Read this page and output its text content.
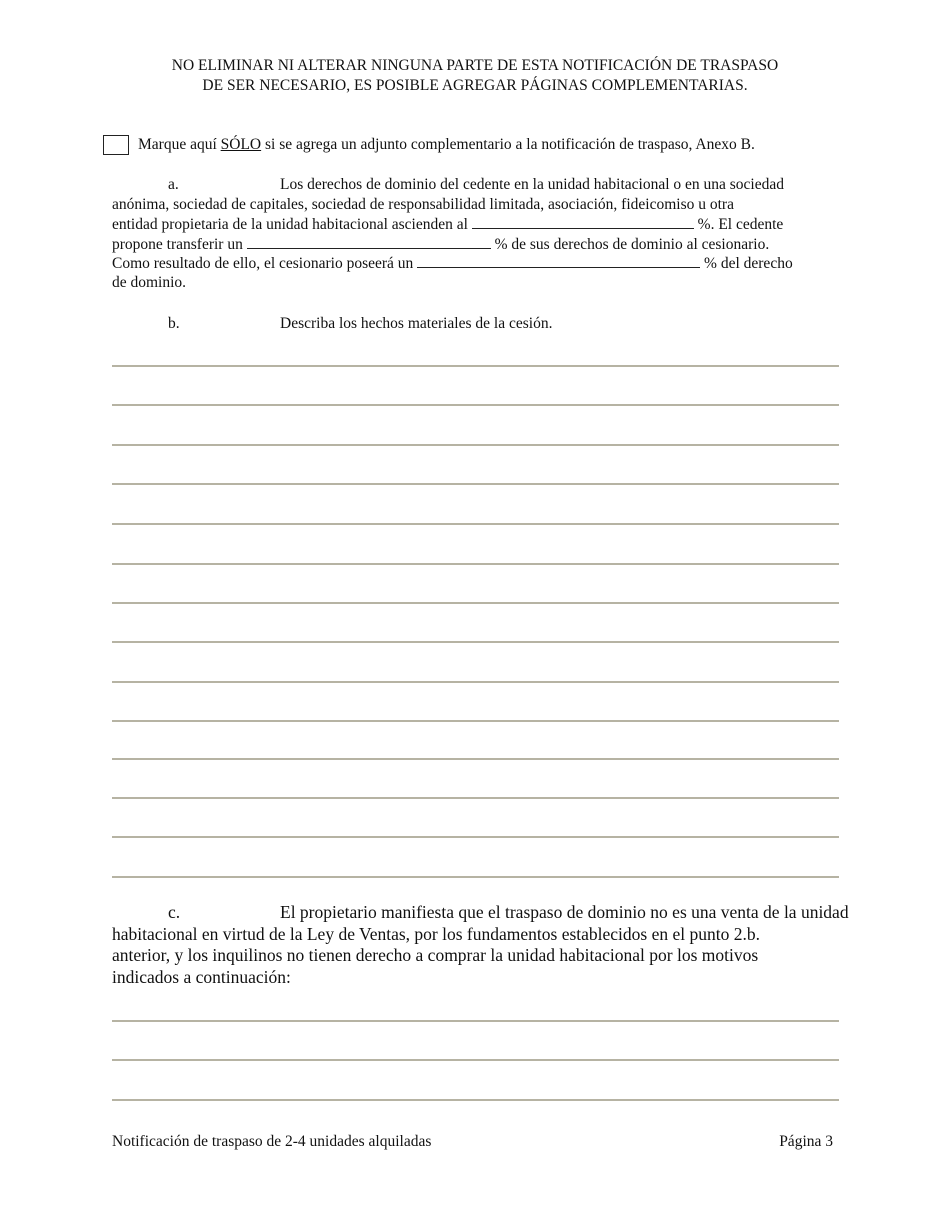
NO ELIMINAR NI ALTERAR NINGUNA PARTE DE ESTA NOTIFICACIÓN DE TRASPASO
DE SER NECESARIO, ES POSIBLE AGREGAR PÁGINAS COMPLEMENTARIAS.
Marque aquí
SÓLO
si se agrega un adjunto complementario a la notificación de traspaso, Anexo B.
a.	Los derechos de dominio del cedente en la unidad habitacional o en una sociedad
anónima, sociedad de capitales, sociedad de responsabilidad limitada, asociación, fideicomiso u otra
entidad propietaria de la unidad habitacional ascienden al	%. El cedente
propone transferir un	% de sus derechos de dominio al cesionario.
Como resultado de ello, el cesionario poseerá un	% del derecho
de dominio.
b.	Describa los hechos materiales de la cesión.
c.	El propietario manifiesta que el traspaso de dominio no es una venta de la unidad
habitacional en virtud de la Ley de Ventas, por los fundamentos establecidos en el punto 2.b.
anterior, y los inquilinos no tienen derecho a comprar la unidad habitacional por los motivos
indicados a continuación:
Notificación de traspaso de 2-4 unidades alquiladas	Página 3
